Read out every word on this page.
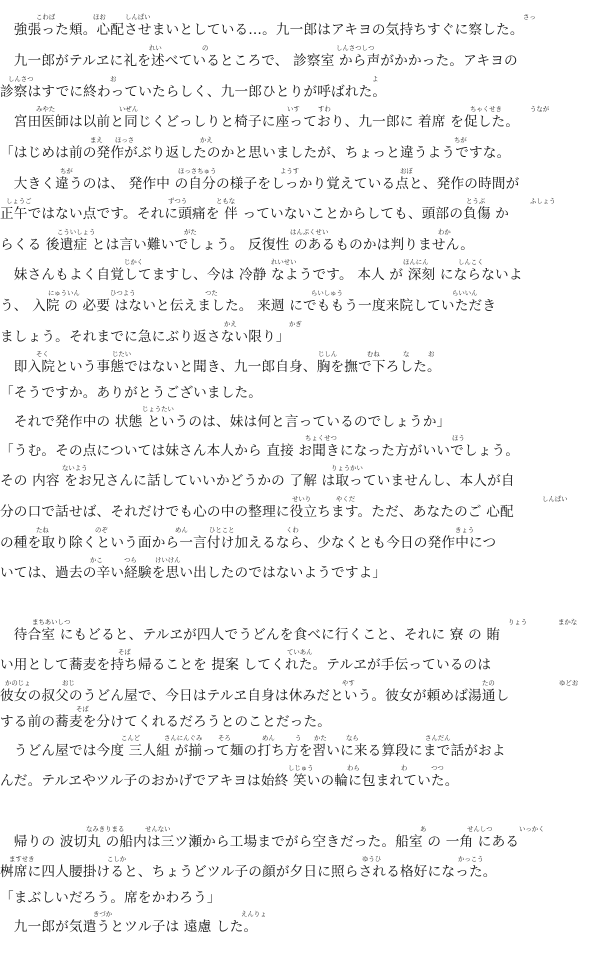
　強張った頬。心配させまいとしている…。九一郎はアキヨの気持ちすぐに察した。
　九一郎がテルヱに礼を述べているところで、 診察室 から声がかかった。アキヨの
診察はすでに終わっていたらしく、九一郎ひとりが呼ばれた。
　宮田医師は以前と同じくどっしりと椅子に座っており、九一郎に 着席 を促した。
「はじめは前の発作がぶり返したのかと思いましたが、ちょっと違うようですな。
　大きく違うのは、 発作中 の自分の様子をしっかり覚えている点と、発作の時間が
正午ではない点です。それに頭痛を 伴 っていないことからしても、頭部の負傷 か
らくる 後遺症 とは言い難いでしょう。 反復性 のあるものかは判りません。
　妹さんもよく自覚してますし、今は 冷静 なようです。 本人 が 深刻 にならないよ
う、 入院 の 必要 はないと伝えました。 来週 にでももう一度来院していただき
ましょう。それまでに急にぶり返さない限り」
　即入院という事態ではないと聞き、九一郎自身、胸を撫で下ろした。
「そうですか。ありがとうございました。
　それで発作中の 状態 というのは、妹は何と言っているのでしょうか」
「うむ。その点については妹さん本人から 直接 お聞きになった方がいいでしょう。
その 内容 をお兄さんに話していいかどうかの 了解 は取っていませんし、本人が自
分の口で話せば、それだけでも心の中の整理に役立ちます。ただ、あなたのご 心配
の種を取り除くという面から一言付け加えるなら、少なくとも今日の発作中につ
いては、過去の辛い経験を思い出したのではないようですよ」
　待合室 にもどると、テルヱが四人でうどんを食べに行くこと、それに 寮 の 賄
い用として蕎麦を持ち帰ることを 提案 してくれた。テルヱが手伝っているのは
彼女の叔父のうどん屋で、今日はテルヱ自身は休みだという。彼女が頼めば湯通し
する前の蕎麦を分けてくれるだろうとのことだった。
　うどん屋では今度 三人組 が揃って麺の打ち方を習いに来る算段にまで話がおよ
んだ。テルヱやツル子のおかげでアキヨは始終 笑いの輪に包まれていた。
　帰りの 波切丸 の船内は三ツ瀬から工場までがら空きだった。船室 の 一角 にある
桝席に四人腰掛けると、ちょうどツル子の顔が夕日に照らされる格好になった。
「まぶしいだろう。席をかわろう」
　九一郎が気遣うとツル子は 遠慮 した。
こわば	ほお	しんぱい	さっ
れい	の	しんさつしつ
しんさつ	お	よ
みやた	いぜん	いす	すわ	ちゃくせき	うなが
まえ ほっさ	かえ	ちが
ちが	ほっさちゅう	ようす	おぼ
しょうご	ずつう	ともな	とうぶ	ふしょう
こういしょう	がた	はんぷくせい	わか
じかく	れいせい	ほんにん	しんこく
にゅういん	ひつよう	つた	らいしゅう	らいいん
かえ	かぎ
そく	じたい	じしん	むね	な	お
じょうたい
ちょくせつ	ほう
ないよう	りょうかい
せいり	やくだ	しんぱい
たね	のぞ	めん	ひとこと	くわ	きょう
かこ	つら	けいけん
まちあいしつ	りょう	まかな
そば	ていあん
かのじょ	おじ	やす	たの	ゆどお
そば
こんど	さんにんぐみ そろ	めん	う かた	なら	さんだん
しじゅう	わら	わ	つつ
なみきりまる	せんない	あ	せんしつ	いっかく
ますせき	こしか	ゆうひ	かっこう
きづか	えんりょ
